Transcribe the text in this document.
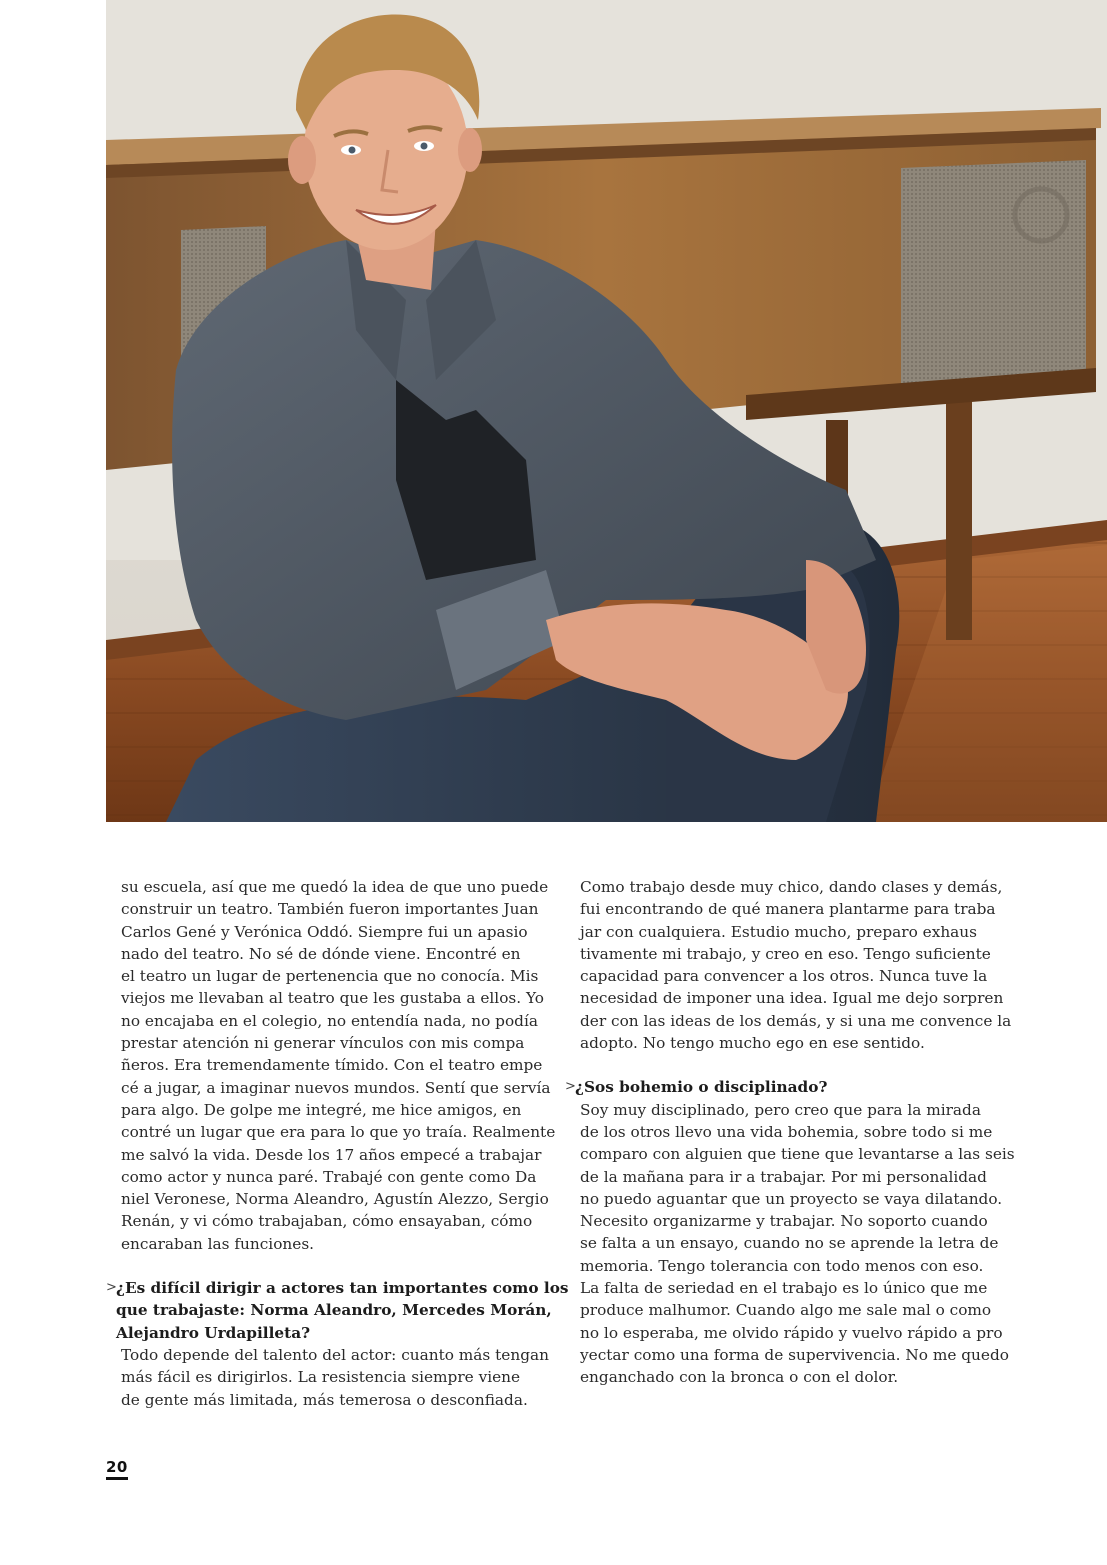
su escuela, así que me quedó la idea de que uno puede
construir un teatro. También fueron importantes Juan
Carlos Gené y Verónica Oddó. Siempre fui un apasio
nado del teatro. No sé de dónde viene. Encontré en
el teatro un lugar de pertenencia que no conocía. Mis
viejos me llevaban al teatro que les gustaba a ellos. Yo
no encajaba en el colegio, no entendía nada, no podía
prestar atención ni generar vínculos con mis compa
ñeros. Era tremendamente tímido. Con el teatro empe
cé a jugar, a imaginar nuevos mundos. Sentí que servía
para algo. De golpe me integré, me hice amigos, en
contré un lugar que era para lo que yo traía. Realmente
me salvó la vida. Desde los 17 años empecé a trabajar
como actor y nunca paré. Trabajé con gente como Da
niel Veronese, Norma Aleandro, Agustín Alezzo, Sergio
Renán, y vi cómo trabajaban, cómo ensayaban, cómo
encaraban las funciones.
> ¿Es difícil dirigir a actores tan importantes como los
que trabajaste: Norma Aleandro, Mercedes Morán,
Alejandro Urdapilleta?
Todo depende del talento del actor: cuanto más tengan
más fácil es dirigirlos. La resistencia siempre viene
de gente más limitada, más temerosa o desconfiada.
Como trabajo desde muy chico, dando clases y demás,
fui encontrando de qué manera plantarme para traba
jar con cualquiera. Estudio mucho, preparo exhaus
tivamente mi trabajo, y creo en eso. Tengo suficiente
capacidad para convencer a los otros. Nunca tuve la
necesidad de imponer una idea. Igual me dejo sorpren
der con las ideas de los demás, y si una me convence la
adopto. No tengo mucho ego en ese sentido.
> ¿Sos bohemio o disciplinado?
Soy muy disciplinado, pero creo que para la mirada
de los otros llevo una vida bohemia, sobre todo si me
comparo con alguien que tiene que levantarse a las seis
de la mañana para ir a trabajar. Por mi personalidad
no puedo aguantar que un proyecto se vaya dilatando.
Necesito organizarme y trabajar. No soporto cuando
se falta a un ensayo, cuando no se aprende la letra de
memoria. Tengo tolerancia con todo menos con eso.
La falta de seriedad en el trabajo es lo único que me
produce malhumor. Cuando algo me sale mal o como
no lo esperaba, me olvido rápido y vuelvo rápido a pro
yectar como una forma de supervivencia. No me quedo
enganchado con la bronca o con el dolor.
20
